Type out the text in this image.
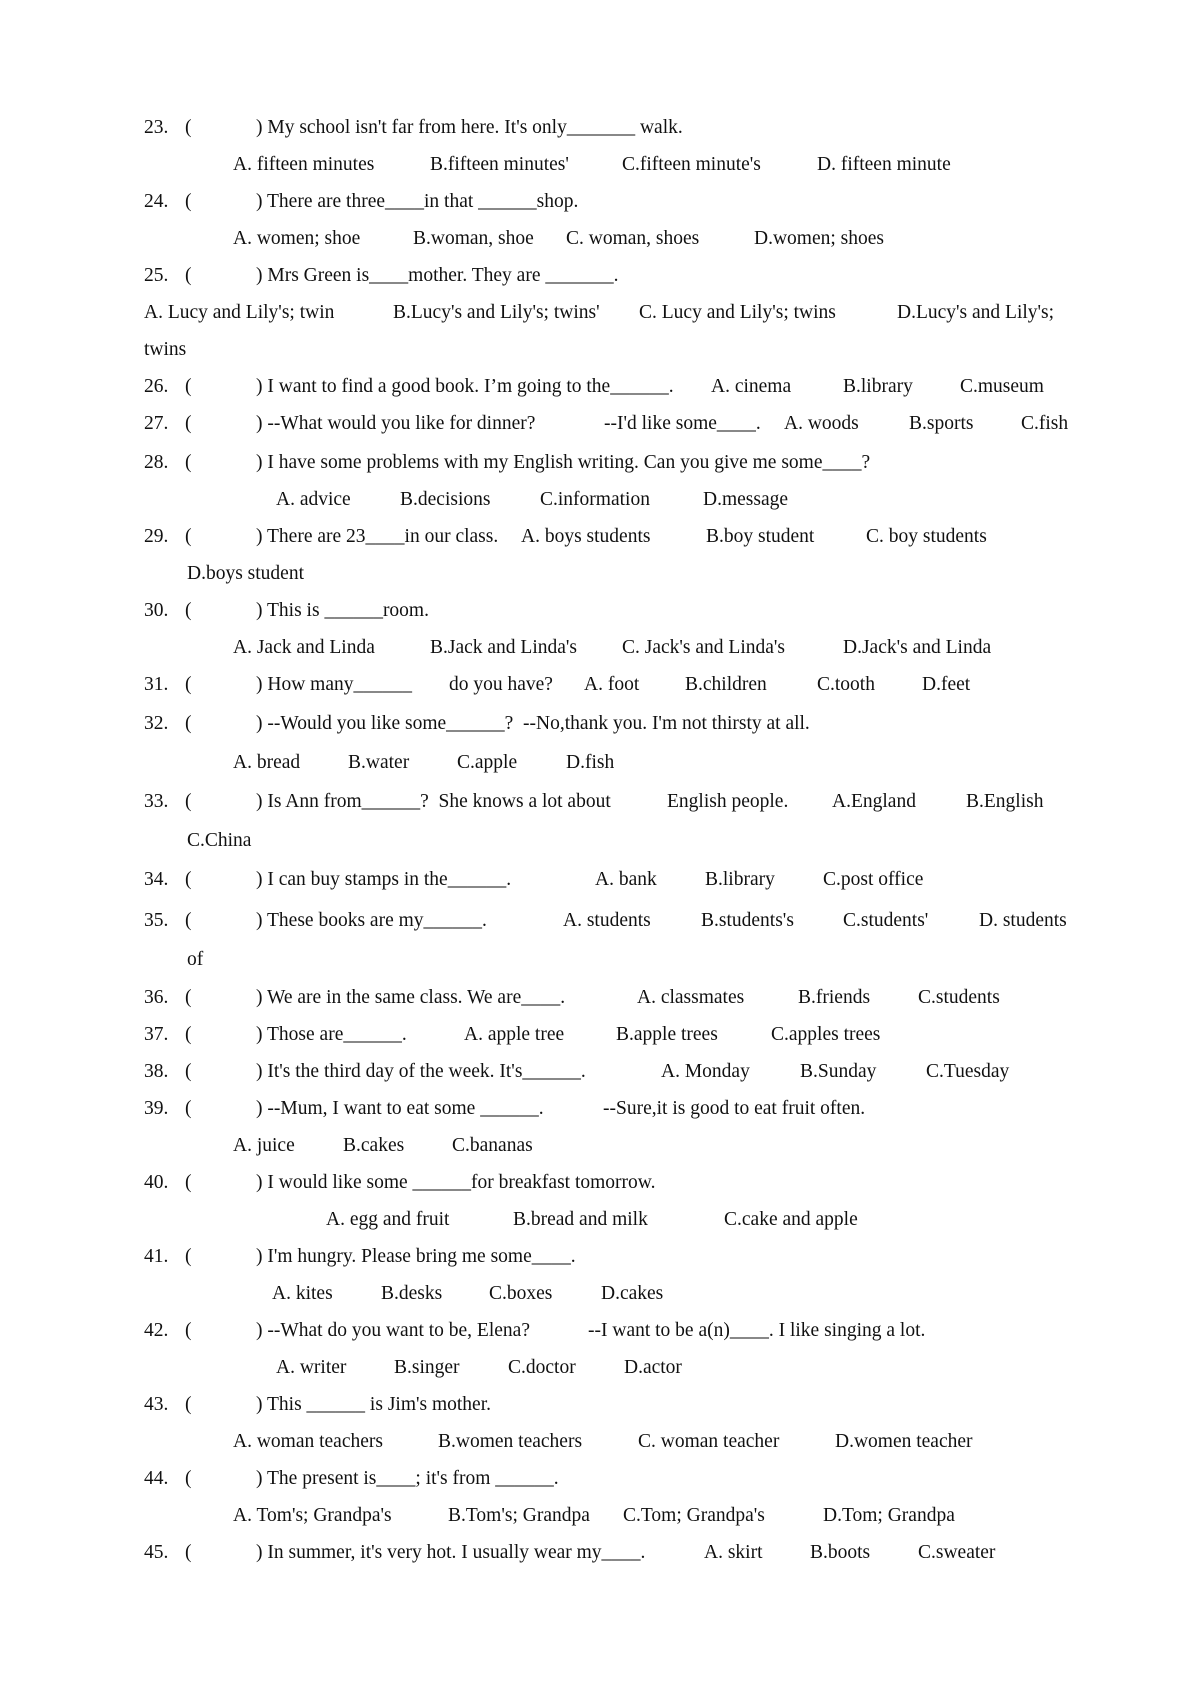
23. (	) My school isn't far from here. It's only_______ walk.
A. fifteen minutes	B.fifteen minutes'	C.fifteen minute's	D. fifteen minute
24. (	) There are three____in that ______shop.
A. women; shoe	B.woman, shoe C. woman, shoes	D.women; shoes
25. (	) Mrs Green is____mother. They are _______.
A. Lucy and Lily's; twin	B.Lucy's and Lily's; twins' C. Lucy and Lily's; twins	D.Lucy's and Lily's;
twins
26. (	) I want to find a good book. I’m going to the______. A. cinema	B.library C.museum
27. (	) --What would you like for dinner?	--I'd like some____. A. woods	B.sports C.fish
28. (	) I have some problems with my English writing. Can you give me some____?
A. advice	B.decisions	C.information	D.message
29. (	) There are 23____in our class. A. boys students	B.boy student	C. boy students
D.boys student
30. (	) This is ______room.
A. Jack and Linda	B.Jack and Linda's C. Jack's and Linda's	D.Jack's and Linda
31. (	) How many______ do you have? A. foot B.children	C.tooth D.feet
32. (	) --Would you like some______?  --No,thank you. I'm not thirsty at all.
A. bread B.water C.apple	D.fish
33. (	) Is Ann from______?  She knows a lot about	English people. A.England	B.English
C.China
34. (	) I can buy stamps in the______.	A. bank B.library C.post office
35. (	) These books are my______.	A. students	B.students's	C.students'	D. students
of
36. (	) We are in the same class. We are____.	A. classmates	B.friends C.students
37. (	) Those are______.	A. apple tree	B.apple trees	C.apples trees
38. (	) It's the third day of the week. It's______.	A. Monday	B.Sunday	C.Tuesday
39. (	) --Mum, I want to eat some ______.	--Sure,it is good to eat fruit often.
A. juice B.cakes C.bananas
40. (	) I would like some ______for breakfast tomorrow.
A. egg and fruit	B.bread and milk	C.cake and apple
41. (	) I'm hungry. Please bring me some____.
A. kites B.desks C.boxes D.cakes
42. (	) --What do you want to be, Elena?	--I want to be a(n)____. I like singing a lot.
A. writer B.singer C.doctor D.actor
43. (	) This ______ is Jim's mother.
A. woman teachers	B.women teachers	C. woman teacher	D.women teacher
44. (	) The present is____; it's from ______.
A. Tom's; Grandpa's	B.Tom's; Grandpa C.Tom; Grandpa's	D.Tom; Grandpa
45. (	) In summer, it's very hot. I usually wear my____.	A. skirt B.boots C.sweater
